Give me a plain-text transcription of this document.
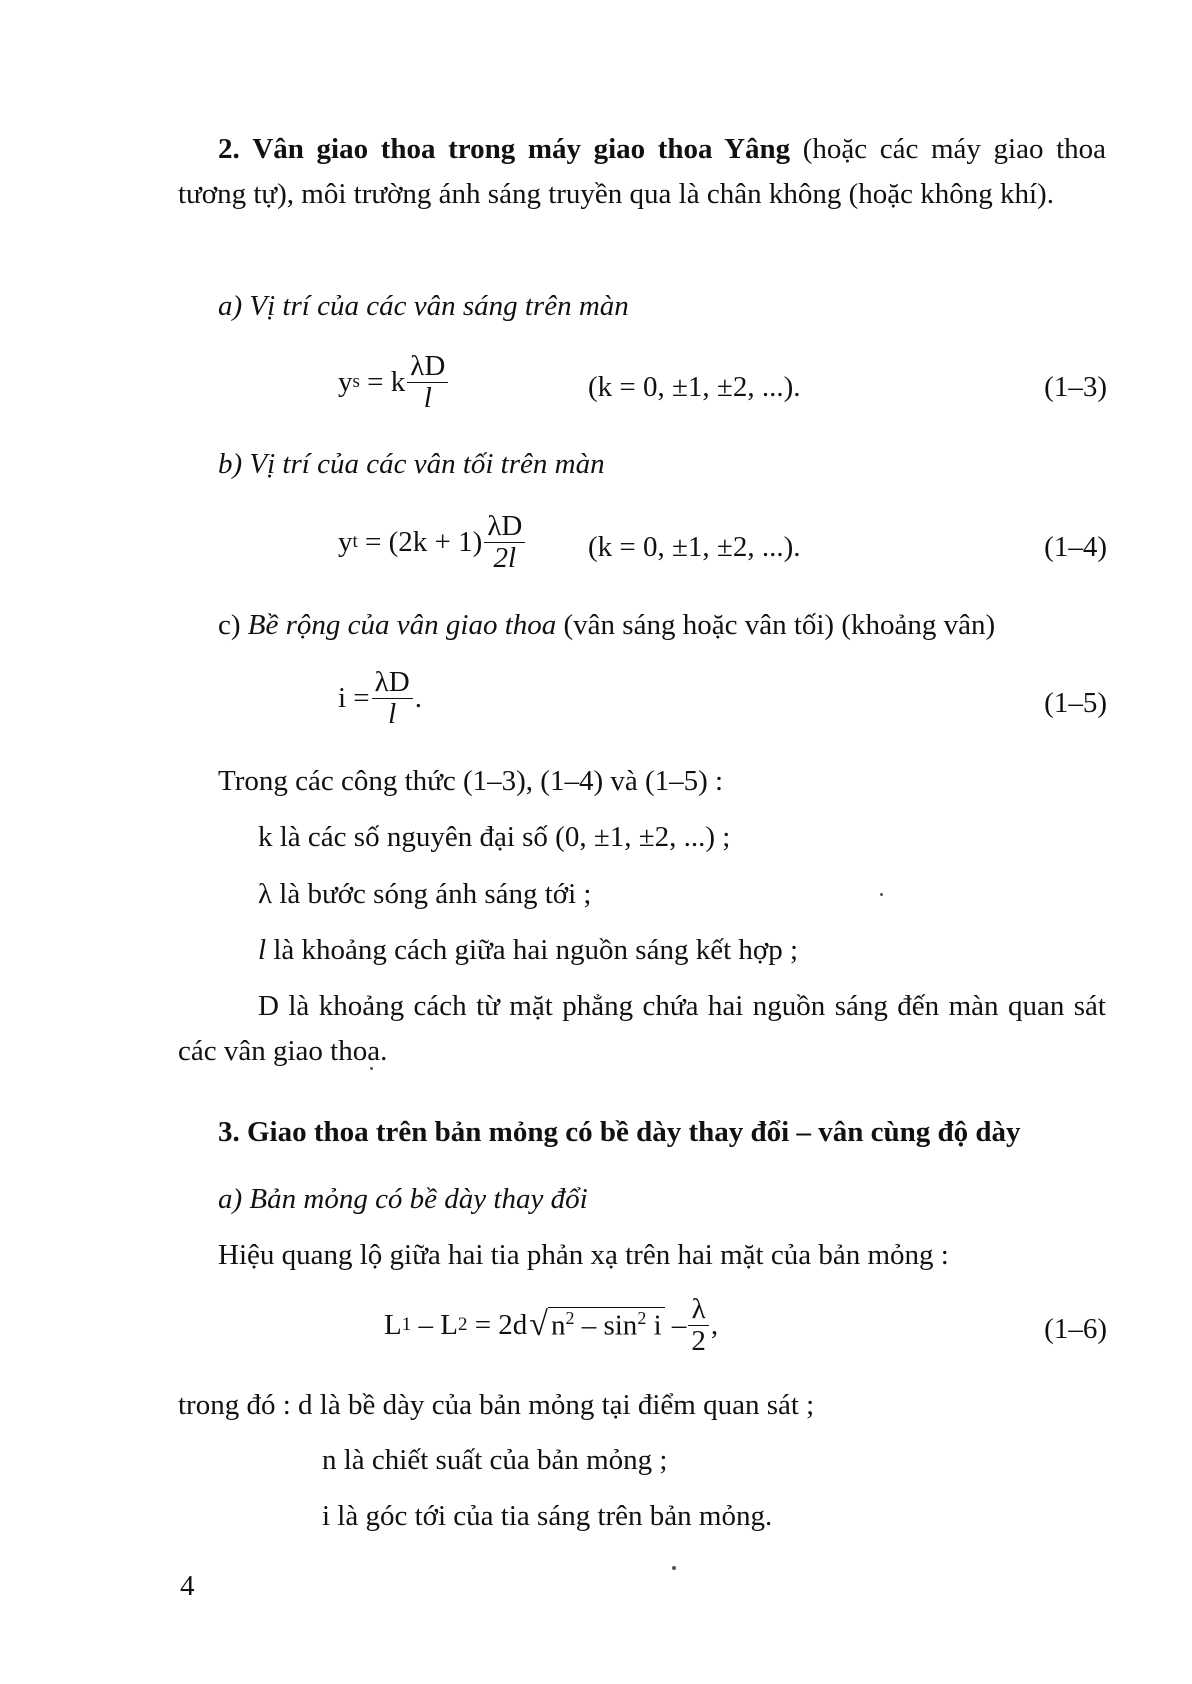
2. Vân giao thoa trong máy giao thoa Yâng (hoặc các máy giao thoa tương tự), môi trường ánh sáng truyền qua là chân không (hoặc không khí).
a) Vị trí của các vân sáng trên màn
y s
= k $\frac{\lambda D}{l}$	(k = 0, ±1, ±2, ...).	(1–3)
b) Vị trí của các vân tối trên màn
y t
= $(2k + 1) \frac{\lambda D}{2l} (k = 0$, ±1, ±2, ...).	(1–4)
c) Bề rộng của vân giao thoa (vân sáng hoặc vân tối) (khoảng vân)
$i = \frac{\lambda D}{l}$ .	(1–5)
Trong các công thức (1–3), (1–4) và (1–5) :
k là các số nguyên đại số (0, ±1, ±2, ...) ;
λ là bước sóng ánh sáng tới ;
l là khoảng cách giữa hai nguồn sáng kết hợp ;
D là khoảng cách từ mặt phẳng chứa hai nguồn sáng đến màn quan sát các vân giao thoa.
3. Giao thoa trên bản mỏng có bề dày thay đổi – vân cùng độ dày
a) Bản mỏng có bề dày thay đổi
Hiệu quang lộ giữa hai tia phản xạ trên hai mặt của bản mỏng :
L 1
–
L 2
= 2d √ $n^2 - \sin^2 i$
– $\frac{\lambda}{2}$ ,	(1–6)
trong đó : d là bề dày của bản mỏng tại điểm quan sát ;
n là chiết suất của bản mỏng ;
i là góc tới của tia sáng trên bản mỏng.
4
